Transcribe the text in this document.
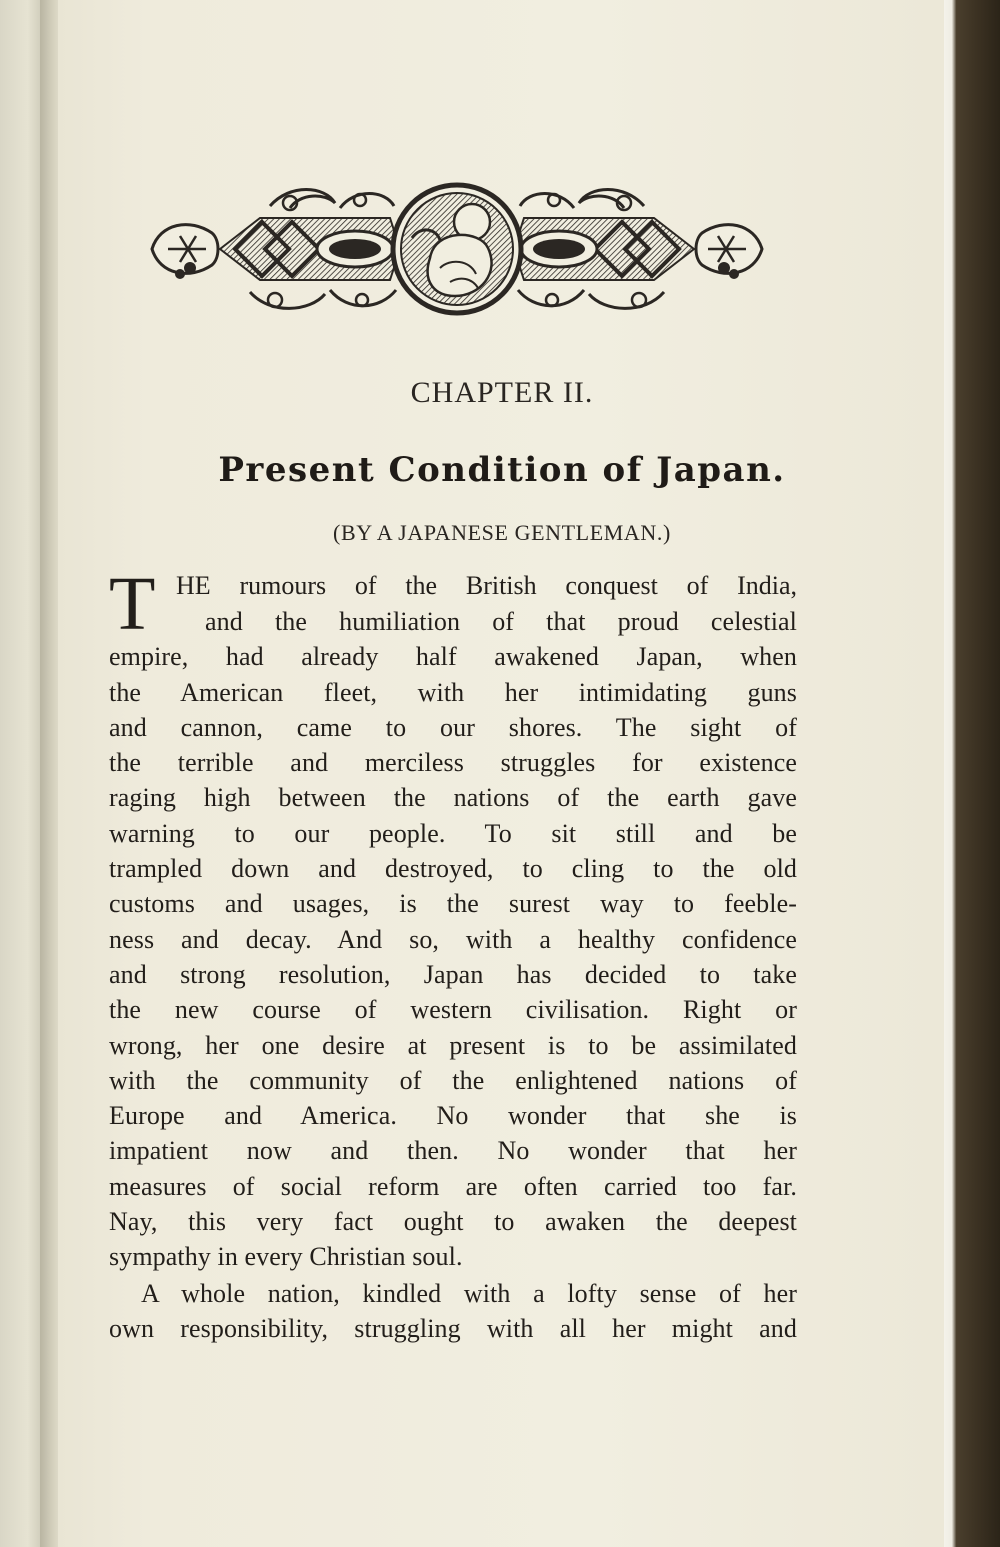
CHAPTER II.
Present Condition of Japan.
(BY A JAPANESE GENTLEMAN.)
T HE rumours of the British conquest of India,
and the humiliation of that proud celestial
empire, had already half awakened Japan, when
the American fleet, with her intimidating guns
and cannon, came to our shores. The sight of
the terrible and merciless struggles for existence
raging high between the nations of the earth gave
warning to our people. To sit still and be
trampled down and destroyed, to cling to the old
customs and usages, is the surest way to feeble-
ness and decay. And so, with a healthy confidence
and strong resolution, Japan has decided to take
the new course of western civilisation. Right or
wrong, her one desire at present is to be assimilated
with the community of the enlightened nations of
Europe and America. No wonder that she is
impatient now and then. No wonder that her
measures of social reform are often carried too far.
Nay, this very fact ought to awaken the deepest
sympathy in every Christian soul.
A whole nation, kindled with a lofty sense of her
own responsibility, struggling with all her might and
